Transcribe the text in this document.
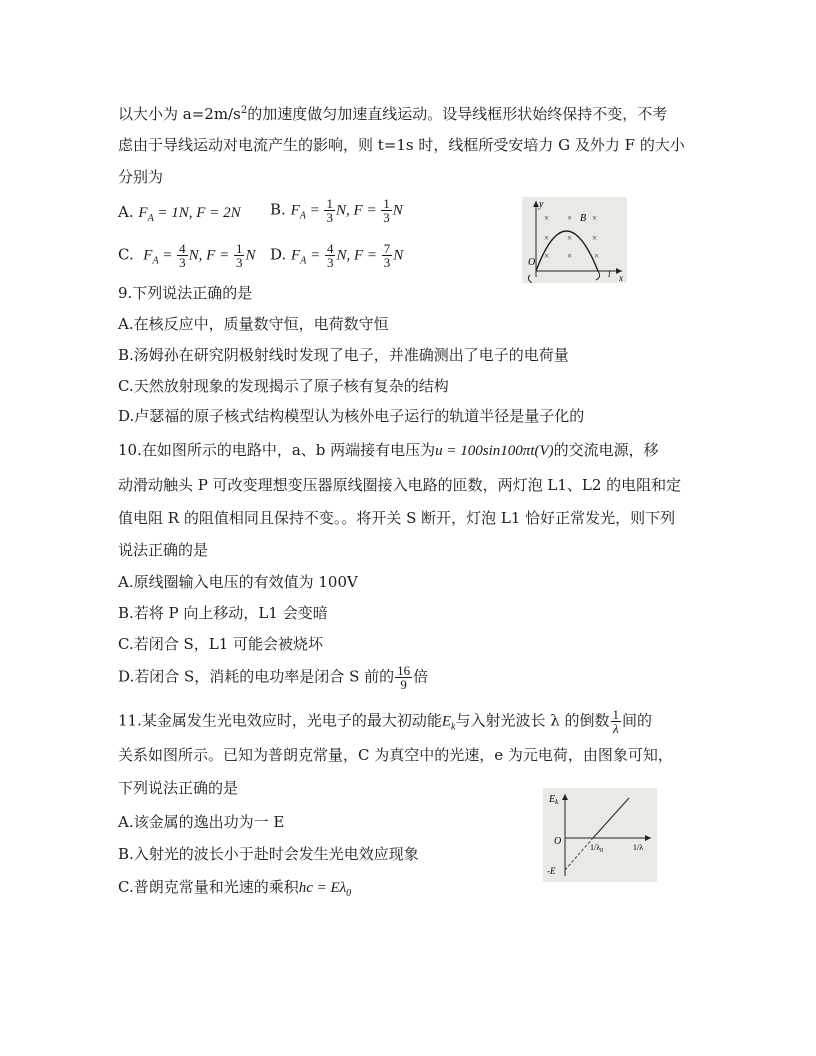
以大小为 $a=2m/s^2$的加速度做匀加速直线运动。设导线框形状始终保持不变，不考
虑由于导线运动对电流产生的影响，则 t=1s 时，线框所受安培力 G 及外力 F 的大小
分别为
A. $F_A = 1N$, F = 2N B. $F_A = \frac{1}{3} N$, $F = \frac{1}{3}$ N
C. $F_A = \frac{4}{3} N$, $F = \frac{1}{3}$ N D. $F_A = \frac{4}{3} N$, $F = \frac{7}{3}$ N
× × ×
× × ×
× × ×
y
O
B
x
l
9.下列说法正确的是
A.在核反应中，质量数守恒，电荷数守恒
B.汤姆孙在研究阴极射线时发现了电子，并准确测出了电子的电荷量
C.天然放射现象的发现揭示了原子核有复杂的结构
D.卢瑟福的原子核式结构模型认为核外电子运行的轨道半径是量子化的
10.在如图所示的电路中，a、b 两端接有电压为u = 100sin100πt(V)的交流电源，移
动滑动触头 P 可改变理想变压器原线圈接入电路的匝数，两灯泡 L1、L2 的电阻和定
值电阻 R 的阻值相同且保持不变。。将开关 S 断开，灯泡 L1 恰好正常发光，则下列
说法正确的是
A.原线圈输入电压的有效值为 100V
B.若将 P 向上移动，L1 会变暗
C.若闭合 S，L1 可能会被烧坏
D.若闭合 S，消耗的电功率是闭合 S 前的 $\frac{16}{9}$ 倍
11.某金属发生光电效应时，光电子的最大初动能$E_k$与入射光波长 λ 的倒数 $\frac{1}{\lambda}$ 间的
关系如图所示。已知为普朗克常量，C 为真空中的光速，e 为元电荷，由图象可知，
下列说法正确的是
A.该金属的逸出功为一 E
B.入射光的波长小于赴时会发生光电效应现象
C.普朗克常量和光速的乘积hc = $E\lambda_0$
$E_k$
O
-E
$1/\lambda_0$	1/λ
